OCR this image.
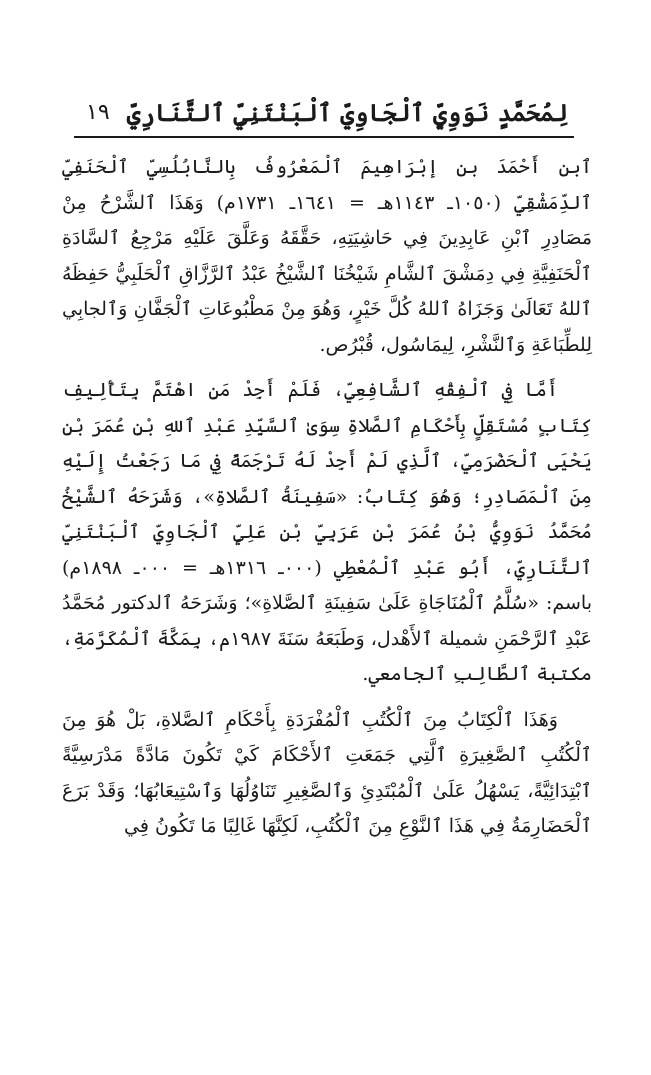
١٩ لِمُحَمَّدٍ نَوَوِيٍّ ٱلْجَاوِيِّ ٱلْبَنْتَنِيِّ ٱلتَّنَارِيِّ

ٱبن أَحْمَدَ بن إبْرَاهِيمَ ٱلْمَعْرُوفُ بِالنَّابُلُسِيِّ ٱلْحَنَفِيِّ ٱلدِّمَشْقِيِّ (١٠٥٠ـ ١١٤٣هـ = ١٦٤١ـ ١٧٣١م) وَهَذَا ٱلشَّرْحُ مِنْ مَصَادِرِ ٱبْنِ عَابِدِينَ فِي حَاشِيَتِهِ، حَقَّقَهُ وَعَلَّقَ عَلَيْهِ مَرْجِعُ ٱلسَّادَةِ ٱلْحَنَفِيَّةِ فِي دِمَشْقَ ٱلشَّامِ شَيْخُنَا ٱلشَّيْخُ عَبْدُ ٱلرَّزَّاقِ ٱلْحَلَبِيُّ حَفِظَهُ ٱللهُ تَعَالَىٰ وَجَزَاهُ ٱللهُ كُلَّ خَيْرٍ، وَهُوَ مِنْ مَطْبُوعَاتِ ٱلْجَفَّانِ وَٱلجابِي لِلطِّبَاعَةِ وَٱلنَّشْرِ، لِيمَاسُول، قُبْرُص.

أَمَّا فِي ٱلْفِقْهِ ٱلشَّافِعِيِّ، فَلَمْ أَجِدْ مَنِ اهْتَمَّ بِتَأْلِيفِ كِتَابٍ مُسْتَقِلٍّ بِأَحْكَامِ ٱلصَّلاةِ سِوَىٰ ٱلسَّيِّدِ عَبْدِ ٱللهِ بْنِ عُمَرَ بْنِ يَحْيَى ٱلْحَضْرَمِيِّ، ٱلَّذِي لَمْ أَجِدْ لَهُ تَرْجَمَةً فِي مَا رَجَعْتُ إِلَيْهِ مِنَ ٱلْمَصَادِرِ؛ وَهُوَ كِتَابُ: «سَفِينَةُ ٱلصَّلاةِ»، وَشَرَحَهُ ٱلشَّيْخُ مُحَمَّدُ نَوَوِيُّ بْنُ عُمَرَ بْنِ عَرَبِيِّ بْنِ عَلِيٍّ ٱلْجَاوِيِّ ٱلْبَنْتَنِيِّ ٱلتَّنَارِيِّ، أَبُو عَبْدِ ٱلْمُعْطِي (٠٠٠ـ ١٣١٦هـ = ٠٠٠ـ ١٨٩٨م) باسم: «سُلَّمُ ٱلْمُنَاجَاةِ عَلَىٰ سَفِينَةِ ٱلصَّلاةِ»؛ وَشَرَحَهُ ٱلدكتور مُحَمَّدُ عَبْدِ ٱلرَّحْمَنِ شميلة ٱلأَهْدل، وَطَبَعَهُ سَنَةَ ١٩٨٧م، بِمَكَّةَ ٱلْمُكَرَّمَةِ، مكتبة ٱلطَّالِبِ ٱلجامعي.

وَهَذَا ٱلْكِتَابُ مِنَ ٱلْكُتُبِ ٱلْمُفْرَدَةِ بِأَحْكَامِ ٱلصَّلاةِ، بَلْ هُوَ مِنَ ٱلْكُتُبِ ٱلصَّغِيرَةِ ٱلَّتِي جَمَعَتِ ٱلأَحْكَامَ كَيْ تَكُونَ مَادَّةً مَدْرَسِيَّةً ٱبْتِدَائِيَّةً، يَسْهُلُ عَلَىٰ ٱلْمُبْتَدِئِ وَٱلصَّغِيرِ تَنَاوُلُهَا وَٱسْتِيعَابُهَا؛ وَقَدْ بَرَعَ ٱلْحَضَارِمَةُ فِي هَذَا ٱلنَّوْعِ مِنَ ٱلْكُتُبِ، لَكِنَّهَا غَالِبًا مَا تَكُونُ فِي
